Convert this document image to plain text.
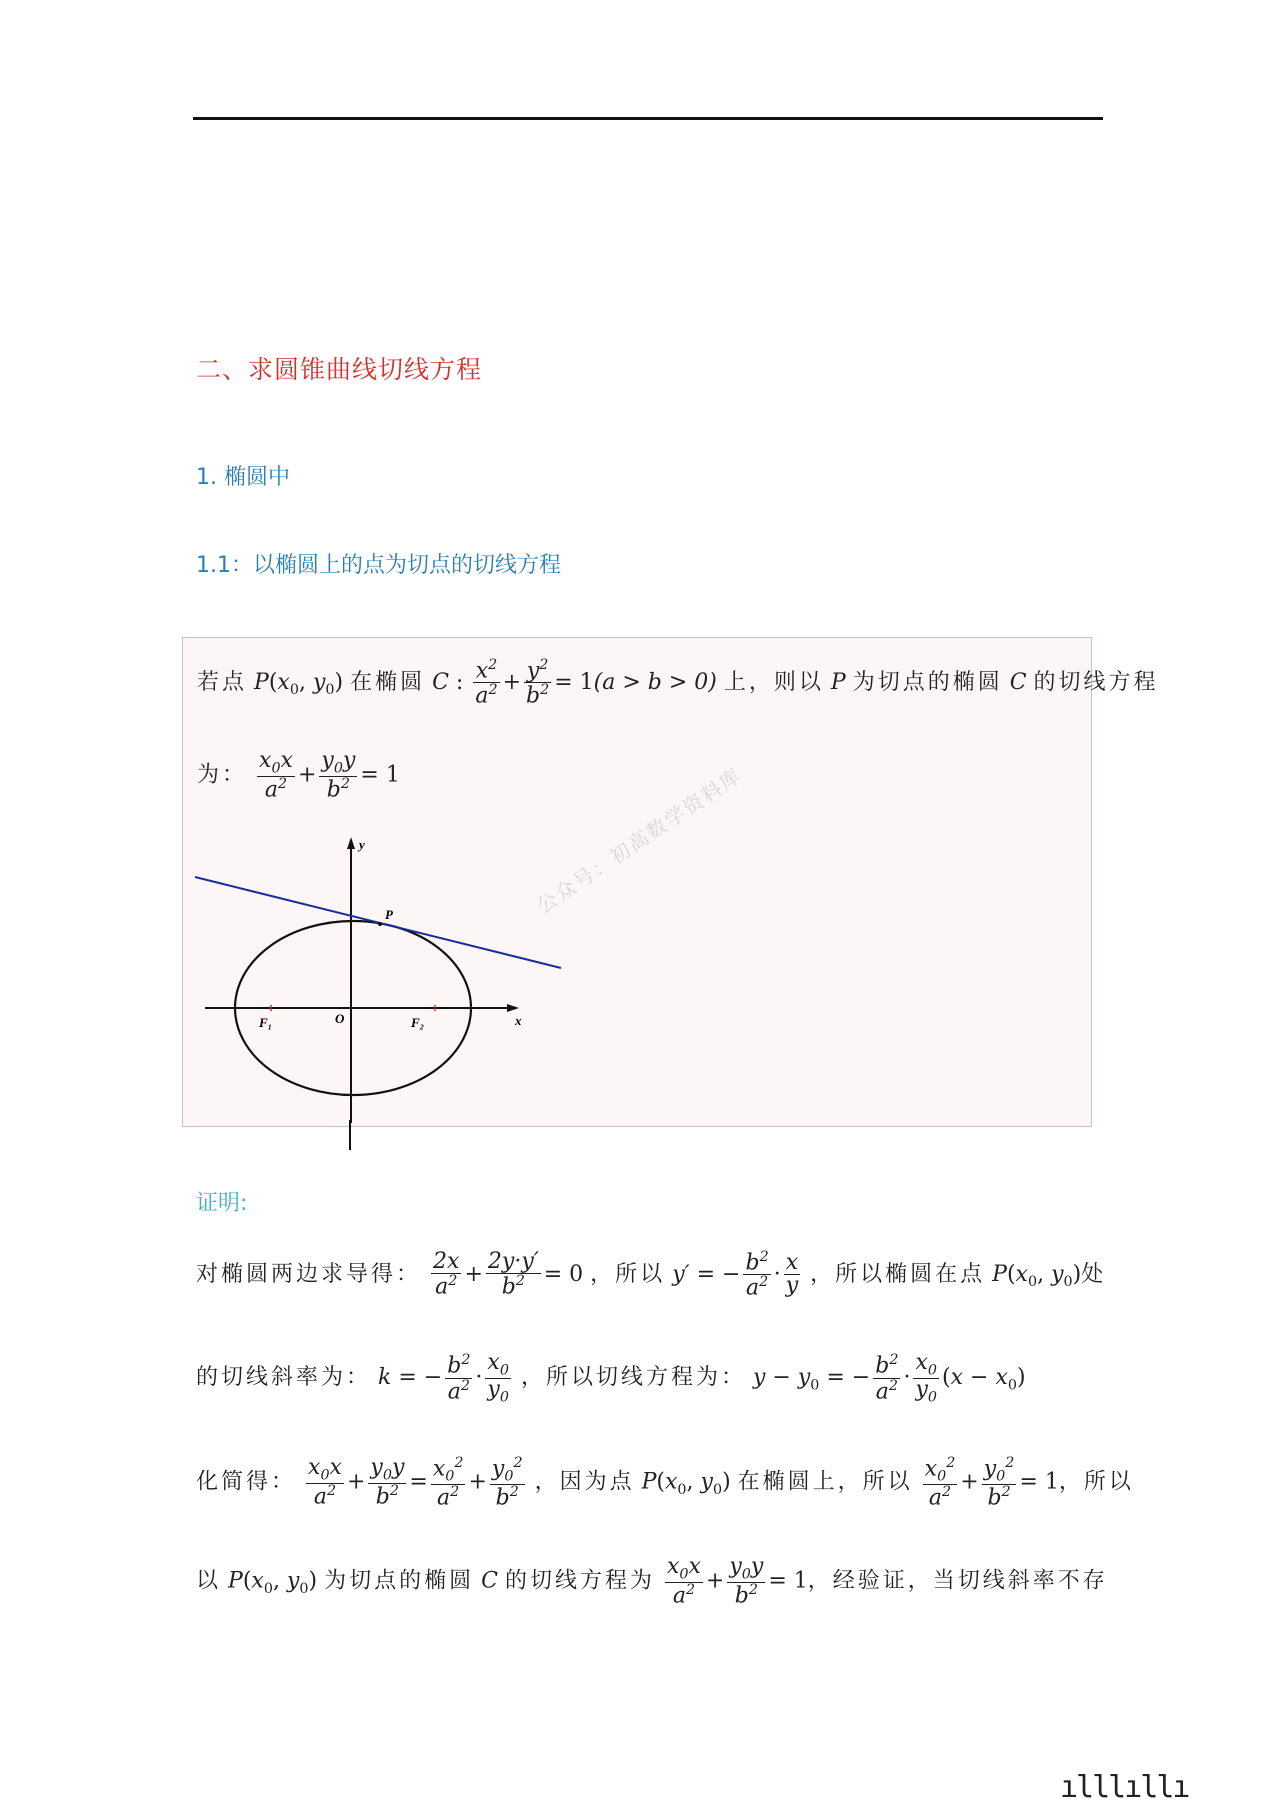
二、求圆锥曲线切线方程
1. 椭圆中
1.1：以椭圆上的点为切点的切线方程
若点 $P(x_0$, $y_0$) 在椭圆 C : $\frac{x^2}{a^2} + \frac{y^2}{b^2} = 1(a > b > 0)$ 上，则以 P 为切点的椭圆 C 的切线方程
为： $\frac{x_0x}{a^2} + \frac{y_0y}{b^2} = 1$
y
x
O
P
F₁	F₂
公众号：初高数学资料库
证明:
对椭圆两边求导得： $\frac{2x}{a^2} + \frac{2y\cdot y'}{b^2} = 0$ ，所以 y′ = − $\frac{b^2}{a^2} \cdot \frac{x}{y}$ ，所以椭圆在点 $P(x_0$, $y_0$)处
的切线斜率为： k = − $\frac{b^2}{a^2} \cdot \frac{x_0}{y_0}$ ，所以切线方程为： $y - y_0$ = − $\frac{b^2}{a^2} \cdot \frac{x_0}{y_0} (x - x_0)$
化简得： $\frac{x_0x}{a^2} + \frac{y_0y}{b^2} = \frac{x_0^2}{a^2} + \frac{y_0^2}{b^2}$ ，因为点 $P(x_0$, $y_0$) 在椭圆上，所以 $\frac{x_0^2}{a^2} + \frac{y_0^2}{b^2} = 1$，所以
以 $P(x_0$, $y_0$) 为切点的椭圆 C 的切线方程为 $\frac{x_0x}{a^2} + \frac{y_0y}{b^2} = 1$，经验证，当切线斜率不存
ılllıllı
